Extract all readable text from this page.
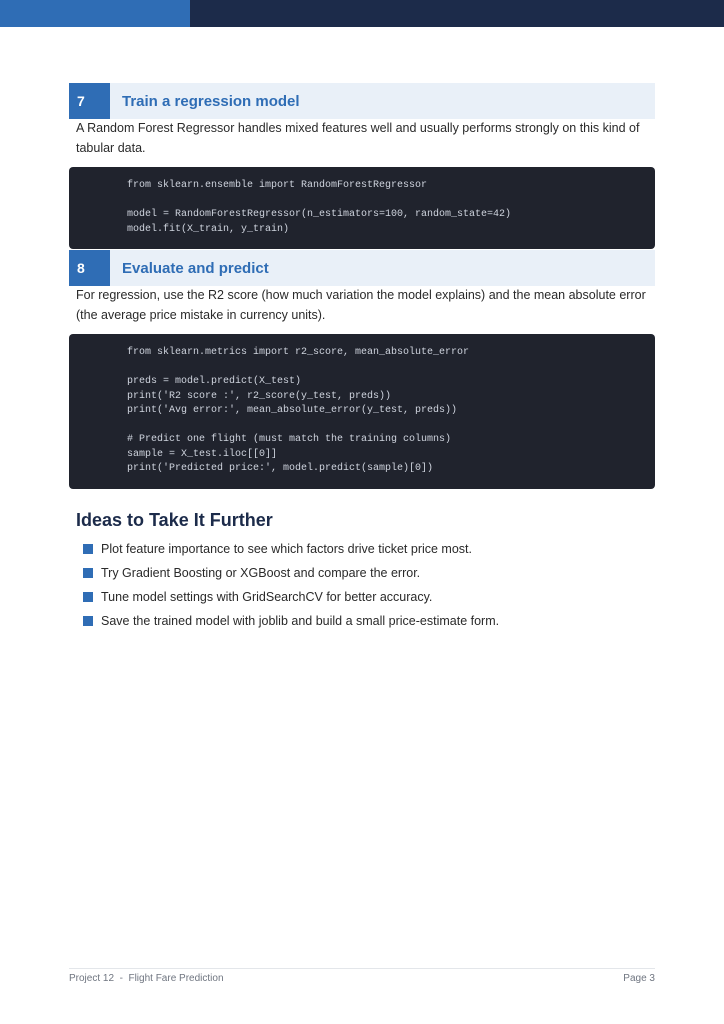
7	Train a regression model
A Random Forest Regressor handles mixed features well and usually performs strongly on this kind of tabular data.
from sklearn.ensemble import RandomForestRegressor
model = RandomForestRegressor(n_estimators=100, random_state=42)
model.fit(X_train, y_train)
8	Evaluate and predict
For regression, use the R2 score (how much variation the model explains) and the mean absolute error (the average price mistake in currency units).
from sklearn.metrics import r2_score, mean_absolute_error
preds = model.predict(X_test)
print('R2 score :', r2_score(y_test, preds))
print('Avg error:', mean_absolute_error(y_test, preds))
# Predict one flight (must match the training columns)
sample = X_test.iloc[[0]]
print('Predicted price:', model.predict(sample)[0])
Ideas to Take It Further
Plot feature importance to see which factors drive ticket price most.
Try Gradient Boosting or XGBoost and compare the error.
Tune model settings with GridSearchCV for better accuracy.
Save the trained model with joblib and build a small price-estimate form.
Project 12  -  Flight Fare Prediction	Page 3
